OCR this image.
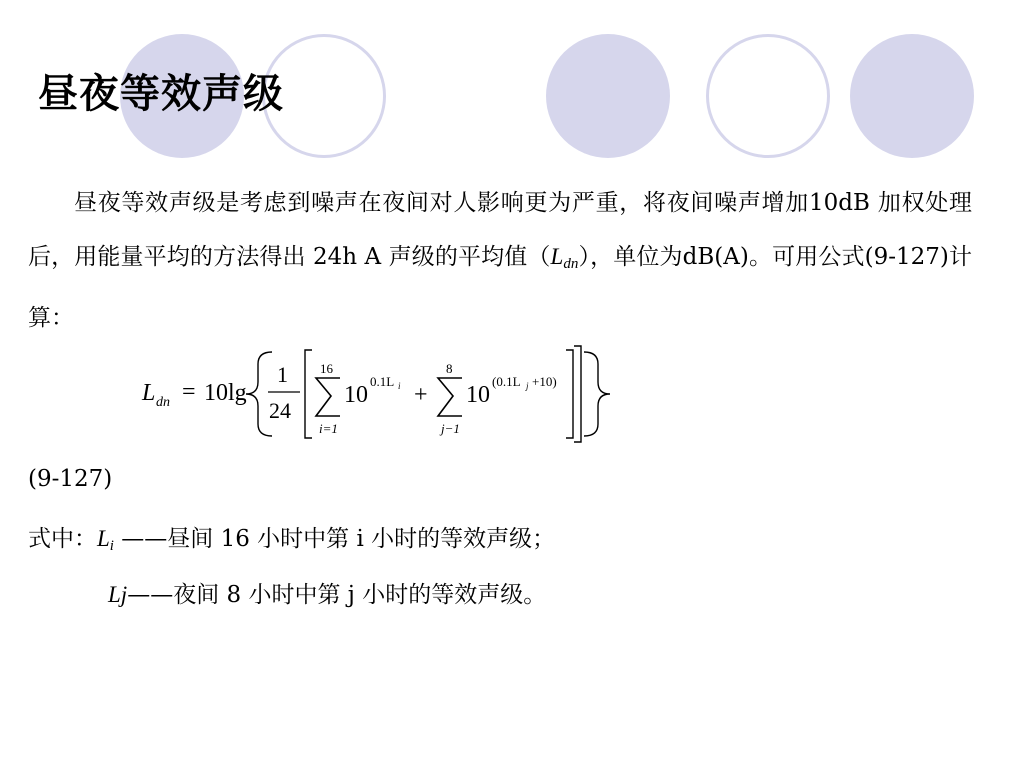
昼夜等效声级

昼夜等效声级是考虑到噪声在夜间对人影响更为严重，将夜间噪声增加10dB 加权处理后，用能量平均的方法得出 24h A 声级的平均值$(L_{dn})$，单位为dB(A)。可用公式(9-127)计算：

L dn = 10lg
1
24
16
i=1
10
0.1L i +
8
j−1
10
(0.1L j +10)

(9-127)

式中：$L_i$ ——昼间 16 小时中第 i 小时的等效声级；

Lj——夜间 8 小时中第 j 小时的等效声级。
